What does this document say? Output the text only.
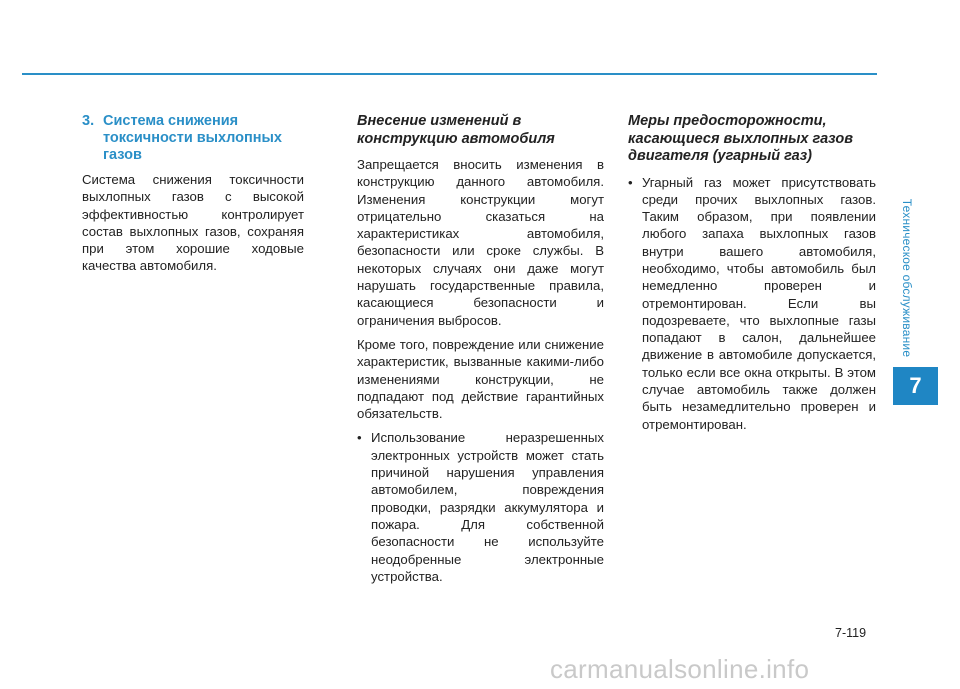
Техническое обслуживание
7
3. Система снижения токсичности выхлопных газов

Система снижения токсичности выхлопных газов с высокой эффективностью контролирует состав выхлопных газов, сохраняя при этом хорошие ходовые качества автомобиля.

Внесение изменений в конструкцию автомобиля

Запрещается вносить изменения в конструкцию данного автомобиля. Изменения конструкции могут отрицательно сказаться на характеристиках автомобиля, безопасности или сроке службы. В некоторых случаях они даже могут нарушать государственные правила, касающиеся безопасности и ограничения выбросов.

Кроме того, повреждение или снижение характеристик, вызванные какими-либо изменениями конструкции, не подпадают под действие гарантийных обязательств.

• Использование неразрешенных электронных устройств может стать причиной нарушения управления автомобилем, повреждения проводки, разрядки аккумулятора и пожара. Для собственной безопасности не используйте неодобренные электронные устройства.
Меры предосторожности, касающиеся выхлопных газов двигателя (угарный газ)
• Угарный газ может присутствовать среди прочих выхлопных газов. Таким образом, при появлении любого запаха выхлопных газов внутри вашего автомобиля, необходимо, чтобы автомобиль был немедленно проверен и отремонтирован. Если вы подозреваете, что выхлопные газы попадают в салон, дальнейшее движение в автомобиле допускается, только если все окна открыты. В этом случае автомобиль также должен быть незамедлительно проверен и отремонтирован.
7-119
carmanualsonline.info
